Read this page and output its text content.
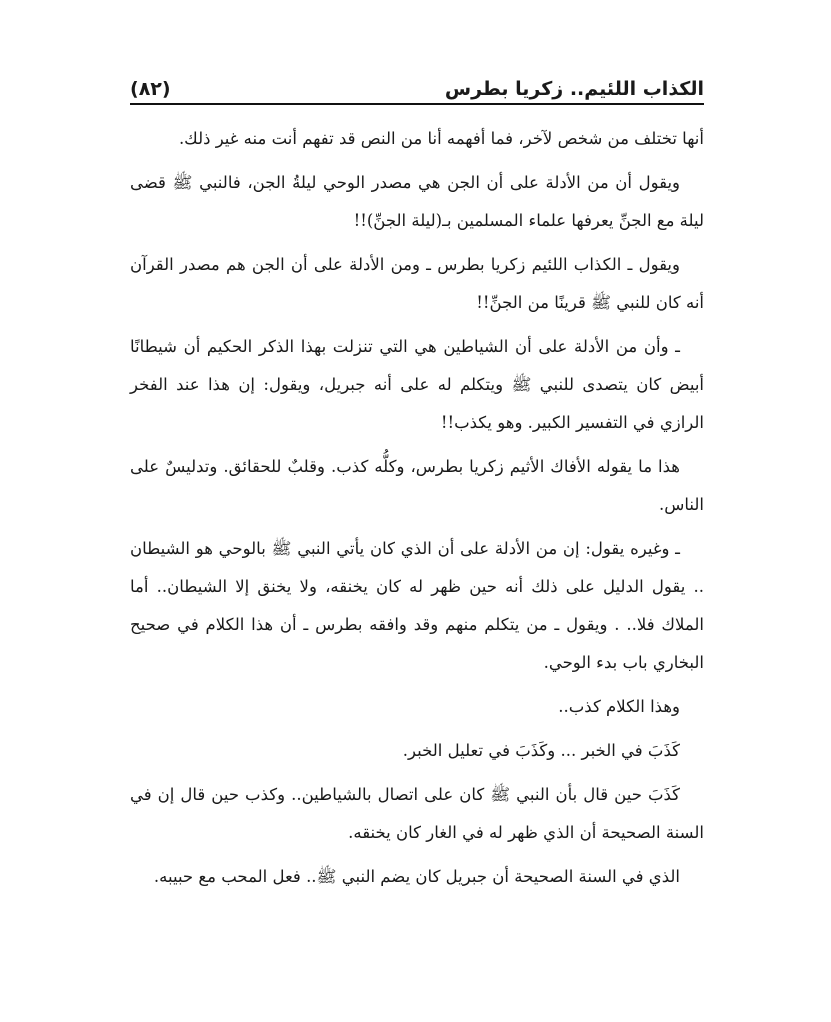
الكذاب اللئيم.. زكريا بطرس
(٨٢)

أنها تختلف من شخص لآخر، فما أفهمه أنا من النص قد تفهم أنت منه غير ذلك.

ويقول أن من الأدلة على أن الجن هي مصدر الوحي ليلةُ الجن، فالنبي ﷺ قضى ليلة مع الجنِّ يعرفها علماء المسلمين بـ(ليلة الجنِّ)!!

ويقول ـ الكذاب اللئيم زكريا بطرس ـ ومن الأدلة على أن الجن هم مصدر القرآن أنه كان للنبي ﷺ قرينًا من الجنِّ!!

ـ وأن من الأدلة على أن الشياطين هي التي تنزلت بهذا الذكر الحكيم أن شيطانًا أبيض كان يتصدى للنبي ﷺ ويتكلم له على أنه جبريل، ويقول: إن هذا عند الفخر الرازي في التفسير الكبير. وهو يكذب!!

هذا ما يقوله الأفاك الأثيم زكريا بطرس، وكلُّه كذب. وقلبٌ للحقائق. وتدليسٌ على الناس.

ـ وغيره يقول: إن من الأدلة على أن الذي كان يأتي النبي ﷺ بالوحي هو الشيطان .. يقول الدليل على ذلك أنه حين ظهر له كان يخنقه، ولا يخنق إلا الشيطان.. أما الملاك فلا.. . ويقول ـ من يتكلم منهم وقد وافقه بطرس ـ أن هذا الكلام في صحيح البخاري باب بدء الوحي.

وهذا الكلام كذب..

كَذَبَ في الخبر ... وكَذَبَ في تعليل الخبر.

كَذَبَ حين قال بأن النبي ﷺ كان على اتصال بالشياطين.. وكذب حين قال إن في السنة الصحيحة أن الذي ظهر له في الغار كان يخنقه.

الذي في السنة الصحيحة أن جبريل كان يضم النبي ﷺ.. فعل المحب مع حبيبه.
